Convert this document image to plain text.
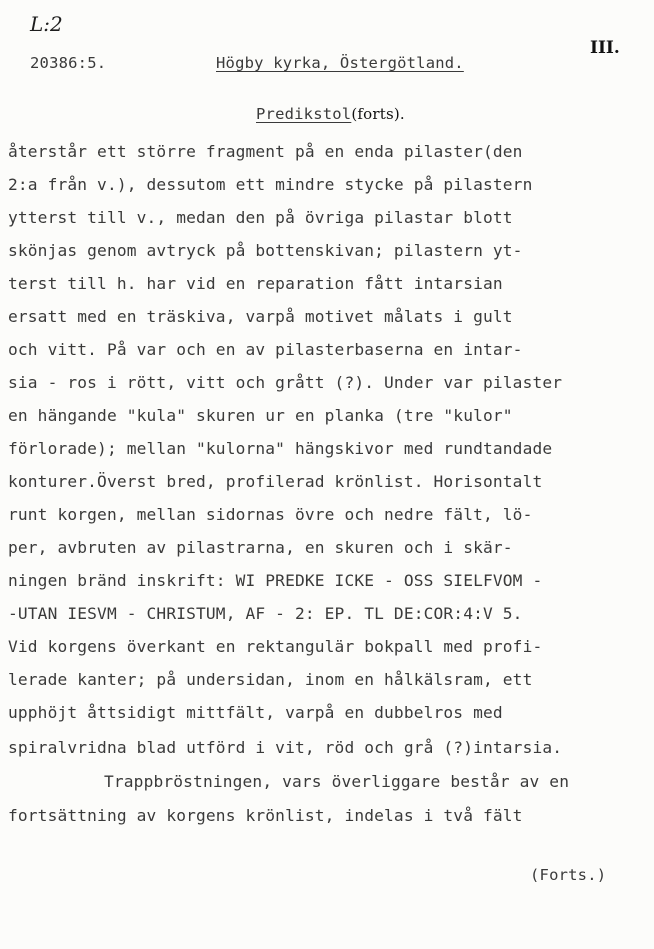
L:2
20386:5.	Högby kyrka, Östergötland.
III.
Predikstol(forts).
återstår ett större fragment på en enda pilaster(den
2:a från v.), dessutom ett mindre stycke på pilastern
ytterst till v., medan den på övriga pilastar blott
skönjas genom avtryck på bottenskivan; pilastern yt-
terst till h. har vid en reparation fått intarsian
ersatt med en träskiva, varpå motivet målats i gult
och vitt. På var och en av pilasterbaserna en intar-
sia - ros i rött, vitt och grått (?). Under var pilaster
en hängande "kula" skuren ur en planka (tre "kulor"
förlorade); mellan "kulorna" hängskivor med rundtandade
konturer.Överst bred, profilerad krönlist. Horisontalt
runt korgen, mellan sidornas övre och nedre fält, lö-
per, avbruten av pilastrarna, en skuren och i skär-
ningen bränd inskrift: WI PREDKE ICKE - OSS SIELFVOM -
-UTAN IESVM - CHRISTUM, AF - 2: EP. TL DE:COR:4:V 5.
Vid korgens överkant en rektangulär bokpall med profi-
lerade kanter; på undersidan, inom en hålkälsram, ett
upphöjt åttsidigt mittfält, varpå en dubbelros med
spiralvridna blad utförd i vit, röd och grå (?)intarsia.
Trappbröstningen, vars överliggare består av en
fortsättning av korgens krönlist, indelas i två fält
(Forts.)
